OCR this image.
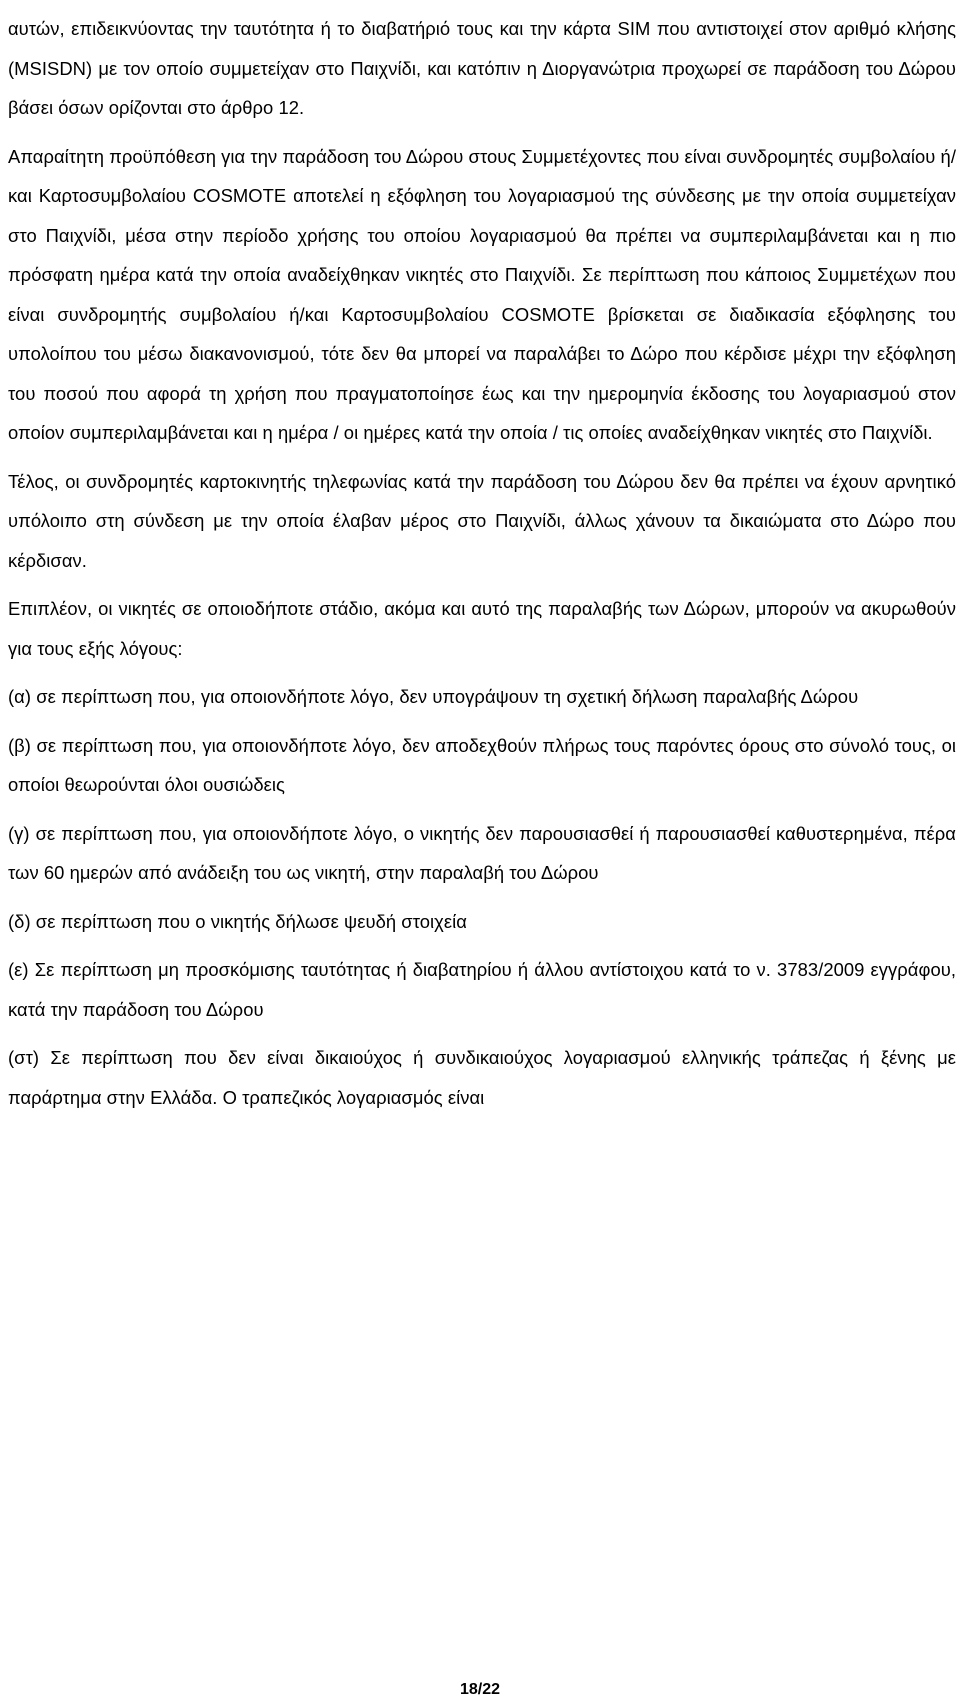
αυτών, επιδεικνύοντας την ταυτότητα ή το διαβατήριό τους και την κάρτα SIM που αντιστοιχεί στον αριθμό κλήσης (MSISDN) με τον οποίο συμμετείχαν στο Παιχνίδι, και κατόπιν η Διοργανώτρια προχωρεί σε παράδοση του Δώρου βάσει όσων ορίζονται στο άρθρο 12.

Απαραίτητη προϋπόθεση για την παράδοση του Δώρου στους Συμμετέχοντες που είναι συνδρομητές συμβολαίου ή/και Καρτοσυμβολαίου COSMOTE αποτελεί η εξόφληση του λογαριασμού της σύνδεσης με την οποία συμμετείχαν στο Παιχνίδι, μέσα στην περίοδο χρήσης του οποίου λογαριασμού θα πρέπει να συμπεριλαμβάνεται και η πιο πρόσφατη ημέρα κατά την οποία αναδείχθηκαν νικητές στο Παιχνίδι. Σε περίπτωση που κάποιος Συμμετέχων που είναι συνδρομητής συμβολαίου ή/και Καρτοσυμβολαίου COSMOTE βρίσκεται σε διαδικασία εξόφλησης του υπολοίπου του μέσω διακανονισμού, τότε δεν θα μπορεί να παραλάβει το Δώρο που κέρδισε μέχρι την εξόφληση του ποσού που αφορά τη χρήση που πραγματοποίησε έως και την ημερομηνία έκδοσης του λογαριασμού στον οποίον συμπεριλαμβάνεται και η ημέρα / οι ημέρες κατά την οποία / τις οποίες αναδείχθηκαν νικητές στο Παιχνίδι.

Τέλος, οι συνδρομητές καρτοκινητής τηλεφωνίας κατά την παράδοση του Δώρου δεν θα πρέπει να έχουν αρνητικό υπόλοιπο στη σύνδεση με την οποία έλαβαν μέρος στο Παιχνίδι, άλλως χάνουν τα δικαιώματα στο Δώρο που κέρδισαν.

Επιπλέον, οι νικητές σε οποιοδήποτε στάδιο, ακόμα και αυτό της παραλαβής των Δώρων, μπορούν να ακυρωθούν για τους εξής λόγους:

(α) σε περίπτωση που, για οποιονδήποτε λόγο, δεν υπογράψουν τη σχετική δήλωση παραλαβής Δώρου

(β) σε περίπτωση που, για οποιονδήποτε λόγο, δεν αποδεχθούν πλήρως τους παρόντες όρους στο σύνολό τους, οι οποίοι θεωρούνται όλοι ουσιώδεις

(γ) σε περίπτωση που, για οποιονδήποτε λόγο, ο νικητής δεν παρουσιασθεί ή παρουσιασθεί καθυστερημένα, πέρα των 60 ημερών από ανάδειξη του ως νικητή, στην παραλαβή του Δώρου

(δ) σε περίπτωση που ο νικητής δήλωσε ψευδή στοιχεία

(ε) Σε περίπτωση μη προσκόμισης ταυτότητας ή διαβατηρίου ή άλλου αντίστοιχου κατά το ν. 3783/2009 εγγράφου, κατά την παράδοση του Δώρου

(στ) Σε περίπτωση που δεν είναι δικαιούχος ή συνδικαιούχος λογαριασμού ελληνικής τράπεζας ή ξένης με παράρτημα στην Ελλάδα. Ο τραπεζικός λογαριασμός είναι

18/22
